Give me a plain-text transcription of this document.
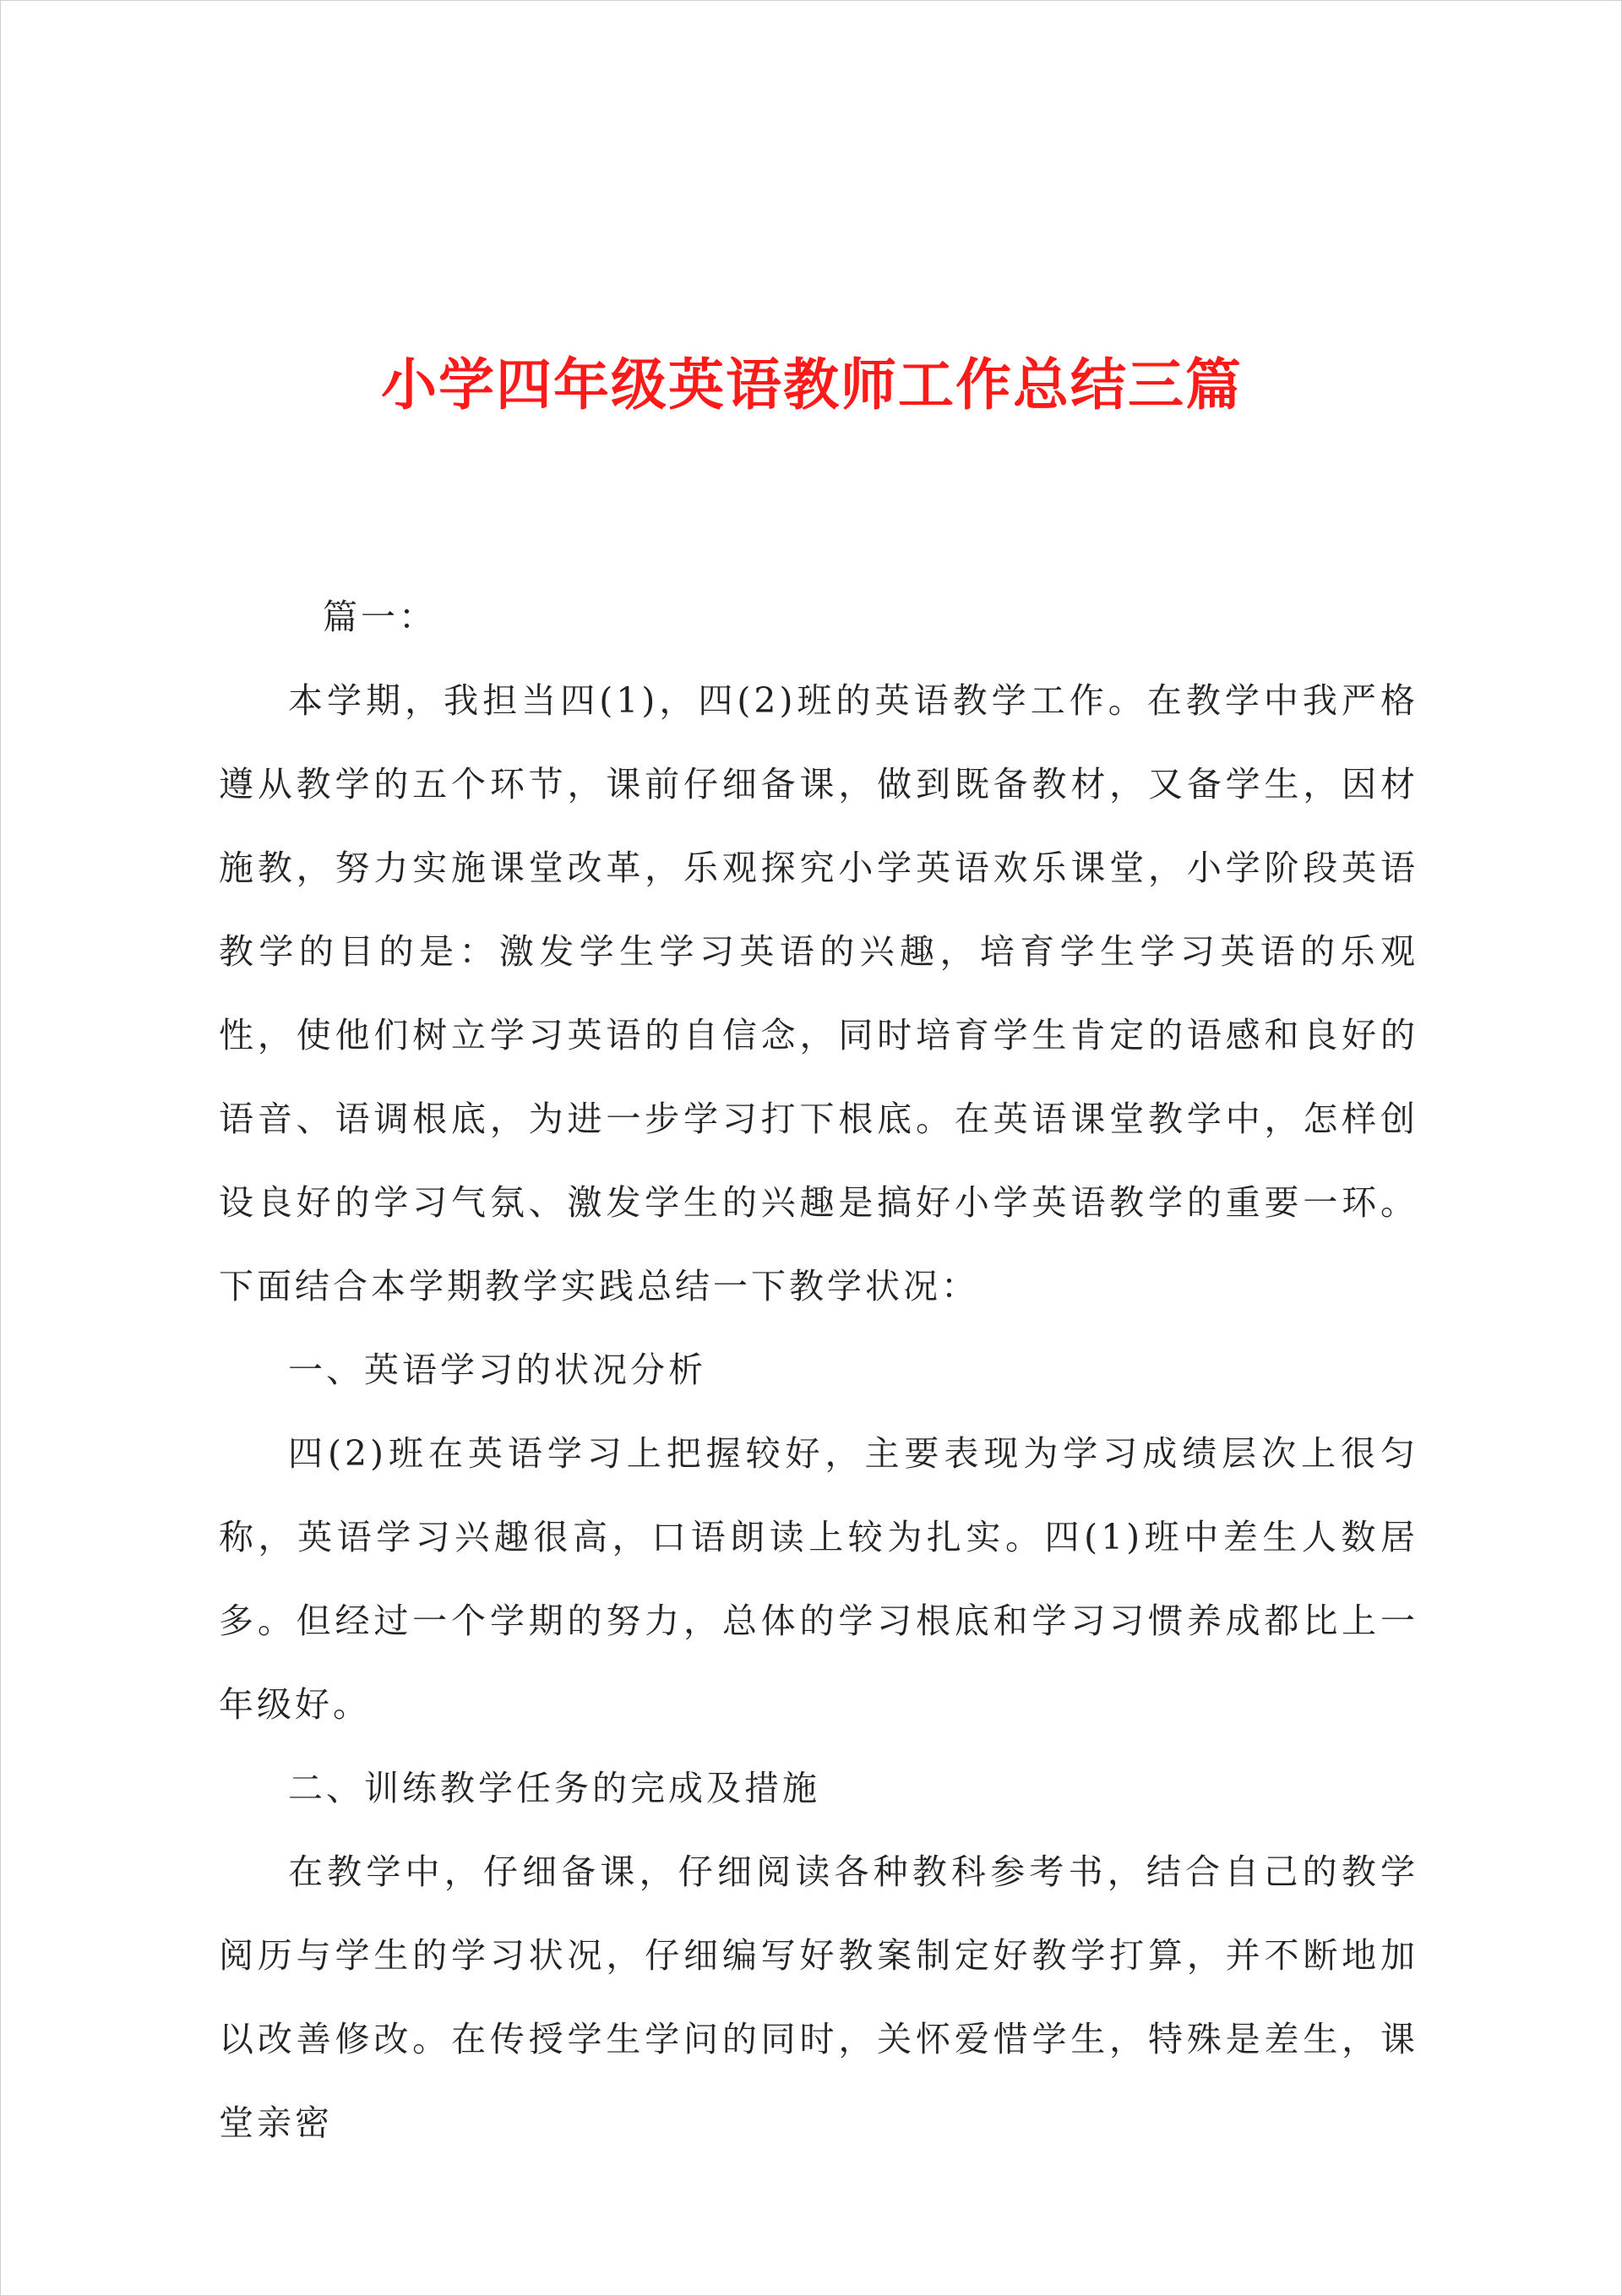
小学四年级英语教师工作总结三篇

篇一：

本学期，我担当四(1)，四(2)班的英语教学工作。在教学中我严格遵从教学的五个环节，课前仔细备课，做到既备教材，又备学生，因材施教，努力实施课堂改革，乐观探究小学英语欢乐课堂，小学阶段英语教学的目的是：激发学生学习英语的兴趣，培育学生学习英语的乐观性，使他们树立学习英语的自信念，同时培育学生肯定的语感和良好的语音、语调根底，为进一步学习打下根底。在英语课堂教学中，怎样创设良好的学习气氛、激发学生的兴趣是搞好小学英语教学的重要一环。下面结合本学期教学实践总结一下教学状况：

一、英语学习的状况分析

四(2)班在英语学习上把握较好，主要表现为学习成绩层次上很匀称，英语学习兴趣很高，口语朗读上较为扎实。四(1)班中差生人数居多。但经过一个学期的努力，总体的学习根底和学习习惯养成都比上一年级好。

二、训练教学任务的完成及措施

在教学中，仔细备课，仔细阅读各种教科参考书，结合自己的教学阅历与学生的学习状况，仔细编写好教案制定好教学打算，并不断地加以改善修改。在传授学生学问的同时，关怀爱惜学生，特殊是差生，课堂亲密
